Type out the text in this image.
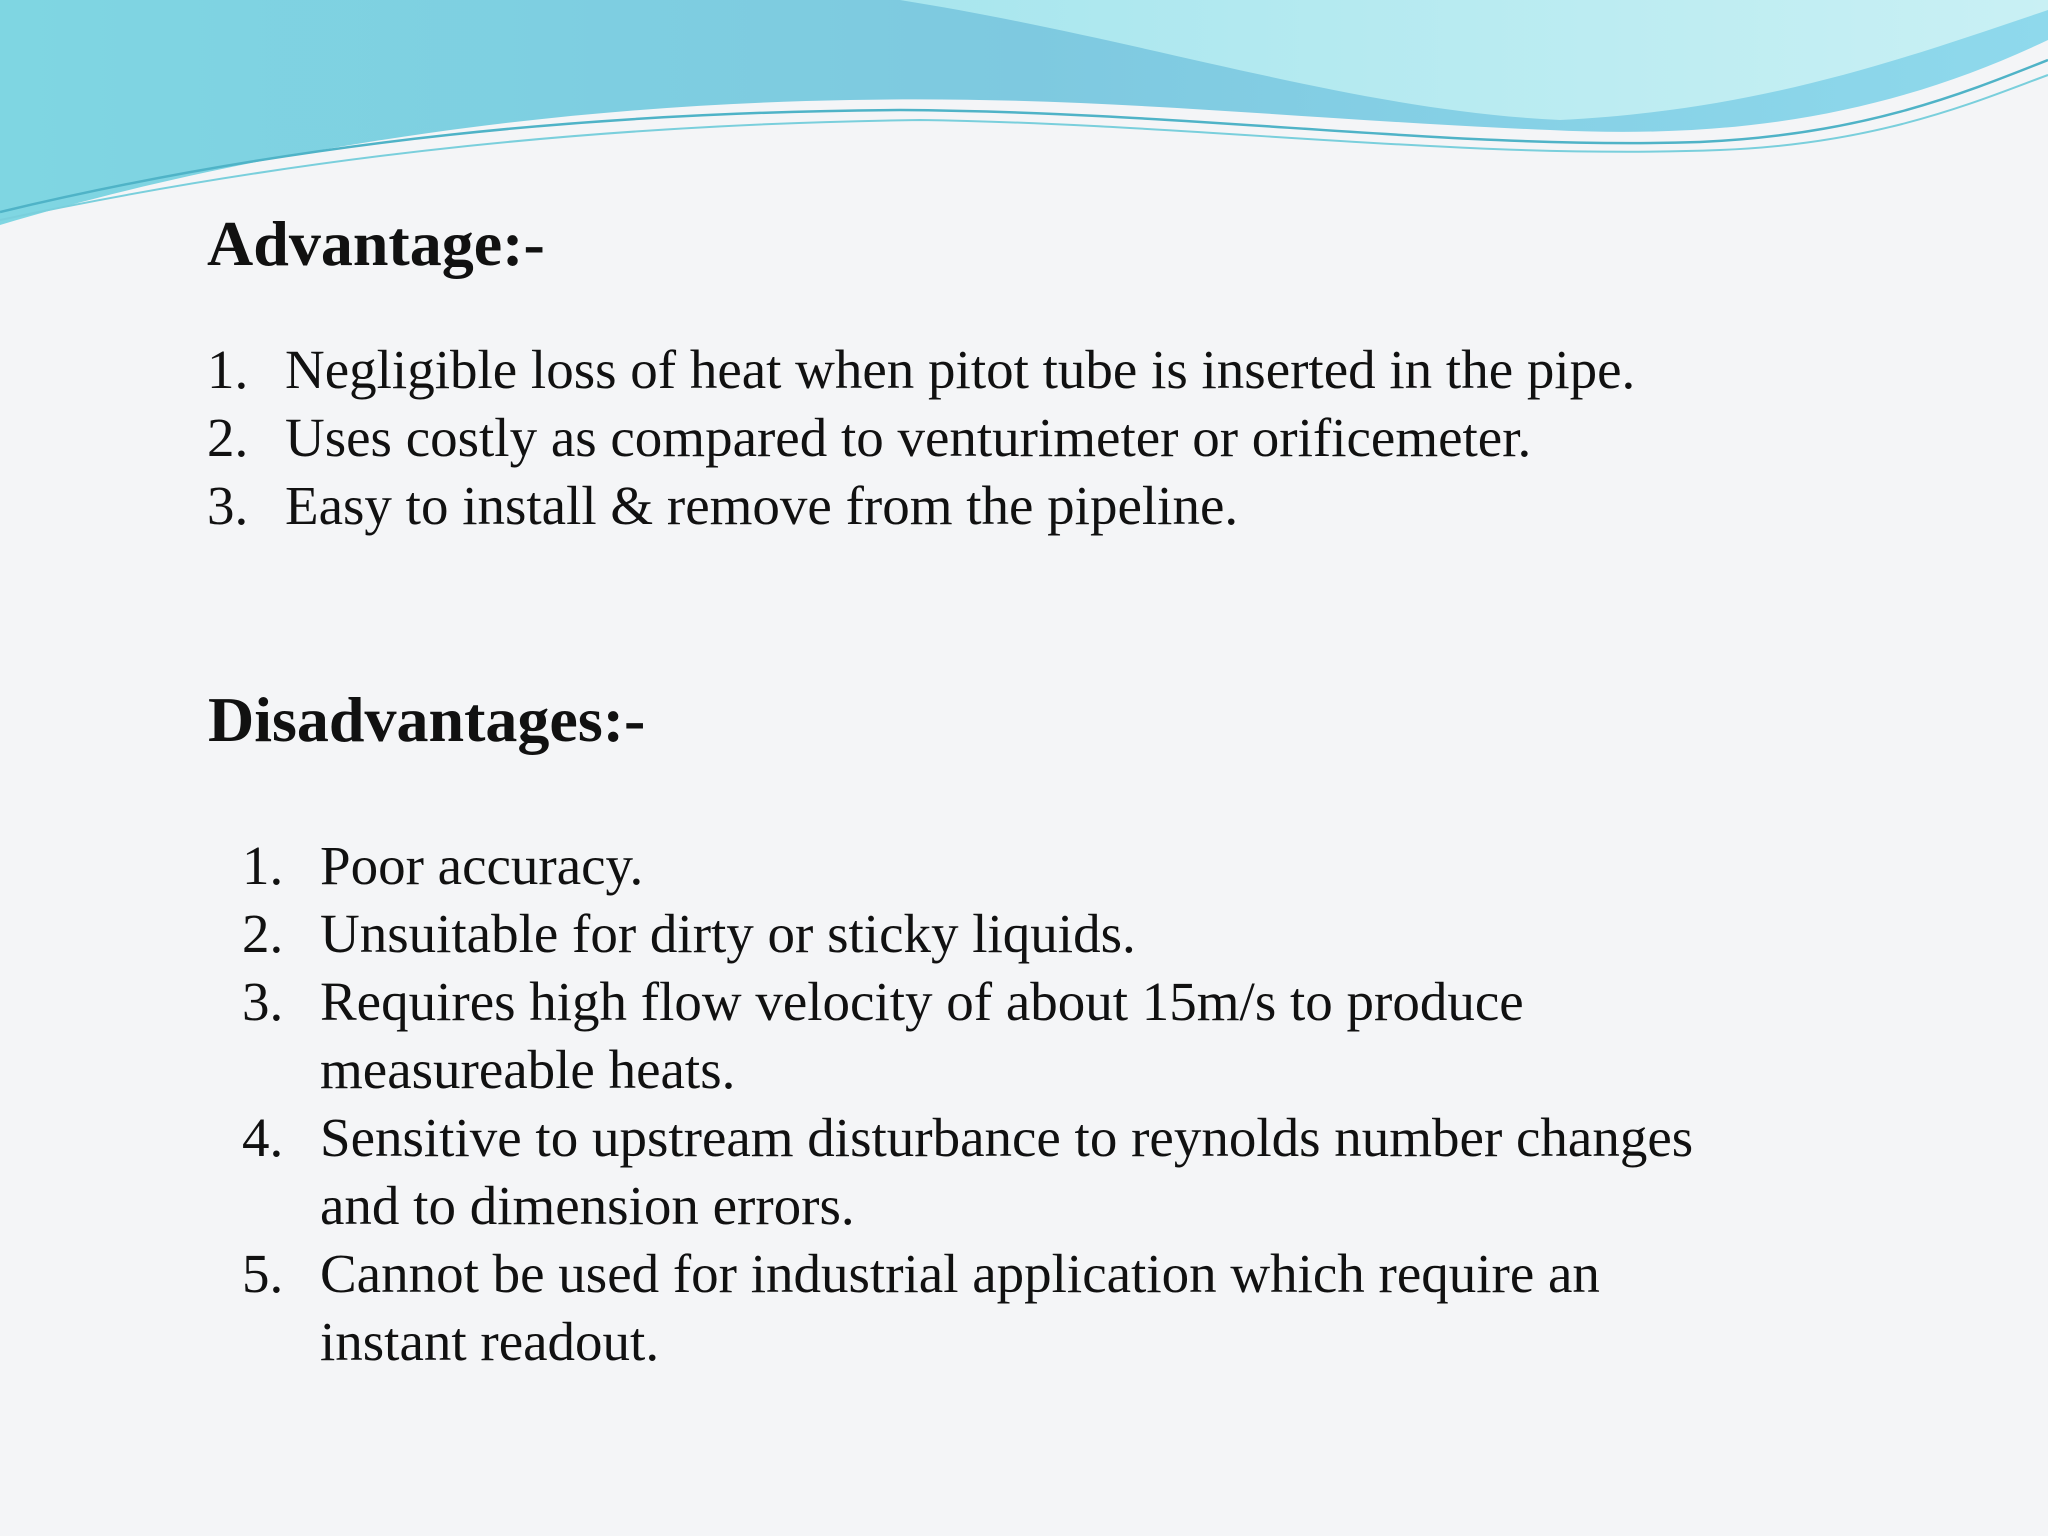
Advantage:-
1. Negligible loss of heat when pitot tube is inserted in the pipe.
2. Uses costly as compared to venturimeter or orificemeter.
3. Easy to install & remove from the pipeline.
Disadvantages:-
1. Poor accuracy.
2. Unsuitable for dirty or sticky liquids.
3. Requires high flow velocity of about 15m/s to produce measureable heats.
4. Sensitive to upstream disturbance to reynolds number changes and to dimension errors.
5. Cannot be used for industrial application which require an instant readout.
